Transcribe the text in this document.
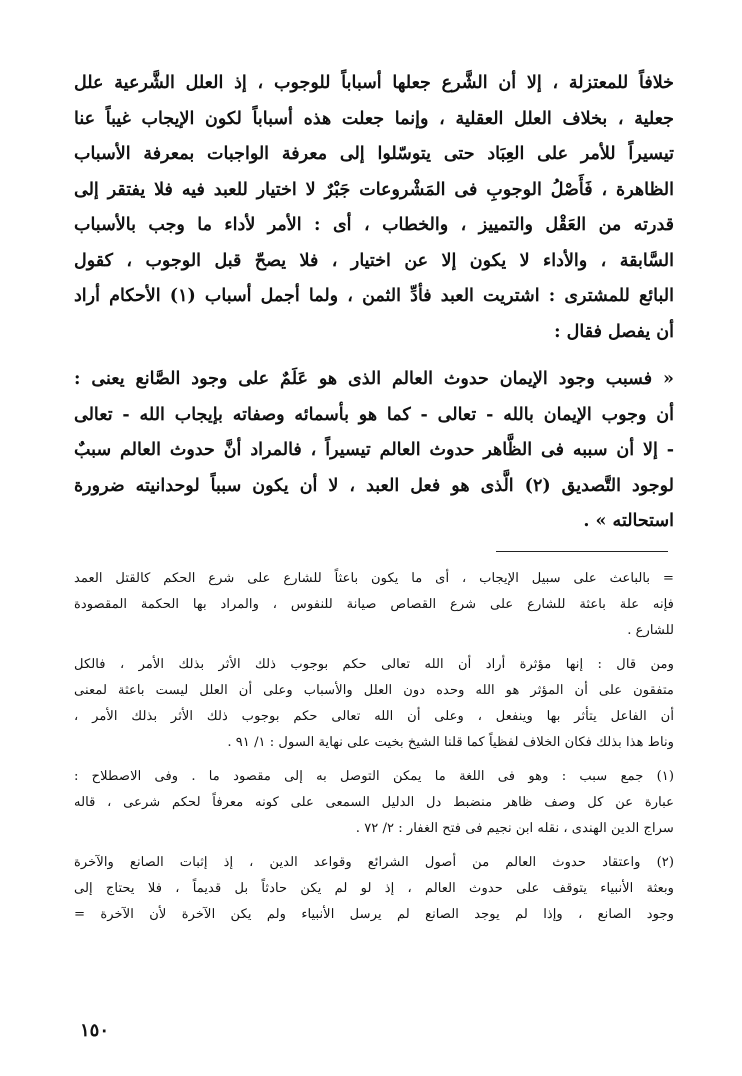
خلافاً للمعتزلة ، إلا أن الشَّرع جعلها أسباباً للوجوب ، إذ العلل الشَّرعية علل
جعلية ، بخلاف العلل العقلية ، وإنما جعلت هذه أسباباً لكون الإيجاب غيباً عنا
تيسيراً للأمر على العِبَاد حتى يتوسّلوا إلى معرفة الواجبات بمعرفة الأسباب
الظاهرة ، فَأَصْلُ الوجوبِ فى المَشْروعات جَبْرٌ لا اختيار للعبد فيه فلا يفتقر إلى
قدرته من العَقْل والتمييز ، والخطاب ، أى : الأمر لأداء ما وجب بالأسباب
السَّابقة ، والأداء لا يكون إلا عن اختيار ، فلا يصحّ قبل الوجوب ، كقول
البائع للمشترى : اشتريت العبد فأدِّ الثمن ، ولما أجمل أسباب (١) الأحكام أراد
أن يفصل فقال :
« فسبب وجود الإيمان حدوث العالم الذى هو عَلَمٌ على وجود الصَّانع يعنى :
أن وجوب الإيمان بالله - تعالى - كما هو بأسمائه وصفاته بإيجاب الله - تعالى
- إلا أن سببه فى الظَّاهر حدوث العالم تيسيراً ، فالمراد أنَّ حدوث العالم سببٌ
لوجود التَّصديق (٢) الَّذى هو فعل العبد ، لا أن يكون سبباً لوحدانيته ضرورة
استحالته » .
= بالباعث على سبيل الإيجاب ، أى ما يكون باعثاً للشارع على شرع الحكم كالقتل العمد
فإنه علة باعثة للشارع على شرع القصاص صيانة للنفوس ، والمراد بها الحكمة المقصودة
للشارع .
ومن قال : إنها مؤثرة أراد أن الله تعالى حكم بوجوب ذلك الأثر بذلك الأمر ، فالكل
متفقون على أن المؤثر هو الله وحده دون العلل والأسباب وعلى أن العلل ليست باعثة لمعنى
أن الفاعل يتأثر بها وينفعل ، وعلى أن الله تعالى حكم بوجوب ذلك الأثر بذلك الأمر ،
وناط هذا بذلك فكان الخلاف لفظياً كما قلنا الشيخ بخيت على نهاية السول : ١/ ٩١ .
(١) جمع سبب : وهو فى اللغة ما يمكن التوصل به إلى مقصود ما . وفى الاصطلاح :
عبارة عن كل وصف ظاهر منضبط دل الدليل السمعى على كونه معرفاً لحكم شرعى ، قاله
سراج الدين الهندى ، نقله ابن نجيم فى فتح الغفار : ٢/ ٧٢ .
(٢) واعتقاد حدوث العالم من أصول الشرائع وقواعد الدين ، إذ إثبات الصانع والآخرة
وبعثة الأنبياء يتوقف على حدوث العالم ، إذ لو لم يكن حادثاً بل قديماً ، فلا يحتاج إلى
وجود الصانع ، وإذا لم يوجد الصانع لم يرسل الأنبياء ولم يكن الآخرة لأن الآخرة =
١٥٠
